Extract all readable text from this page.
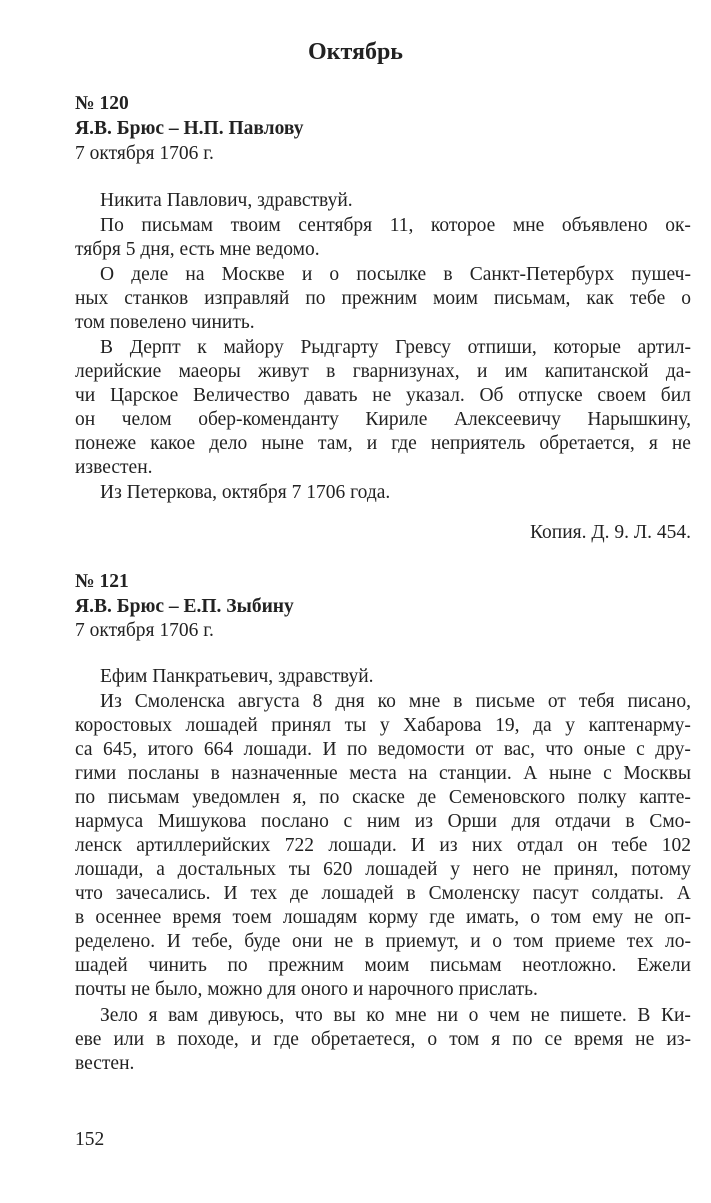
Октябрь
№ 120
Я.В. Брюс – Н.П. Павлову
7 октября 1706 г.
Никита Павлович, здравствуй.
По письмам твоим сентября 11, которое мне объявлено ок-
тября 5 дня, есть мне ведомо.
О деле на Москве и о посылке в Санкт-Петербурх пушеч-
ных станков изправляй по прежним моим письмам, как тебе о
том повелено чинить.
В Дерпт к майору Рыдгарту Гревсу отпиши, которые артил-
лерийские маеоры живут в гварнизунах, и им капитанской да-
чи Царское Величество давать не указал. Об отпуске своем бил
он челом обер-коменданту Кириле Алексеевичу Нарышкину,
понеже какое дело ныне там, и где неприятель обретается, я не
известен.
Из Петеркова, октября 7 1706 года.
Копия. Д. 9. Л. 454.
№ 121
Я.В. Брюс – Е.П. Зыбину
7 октября 1706 г.
Ефим Панкратьевич, здравствуй.
Из Смоленска августа 8 дня ко мне в письме от тебя писано,
коростовых лошадей принял ты у Хабарова 19, да у каптенарму-
са 645, итого 664 лошади. И по ведомости от вас, что оные с дру-
гими посланы в назначенные места на станции. А ныне с Москвы
по письмам уведомлен я, по скаске де Семеновского полку капте-
нармуса Мишукова послано с ним из Орши для отдачи в Смо-
ленск артиллерийских 722 лошади. И из них отдал он тебе 102
лошади, а достальных ты 620 лошадей у него не принял, потому
что зачесались. И тех де лошадей в Смоленску пасут солдаты. А
в осеннее время тоем лошадям корму где имать, о том ему не оп-
ределено. И тебе, буде они не в приемут, и о том приеме тех ло-
шадей чинить по прежним моим письмам неотложно. Ежели
почты не было, можно для оного и нарочного прислать.
Зело я вам дивуюсь, что вы ко мне ни о чем не пишете. В Ки-
еве или в походе, и где обретаетеся, о том я по се время не из-
вестен.
152
